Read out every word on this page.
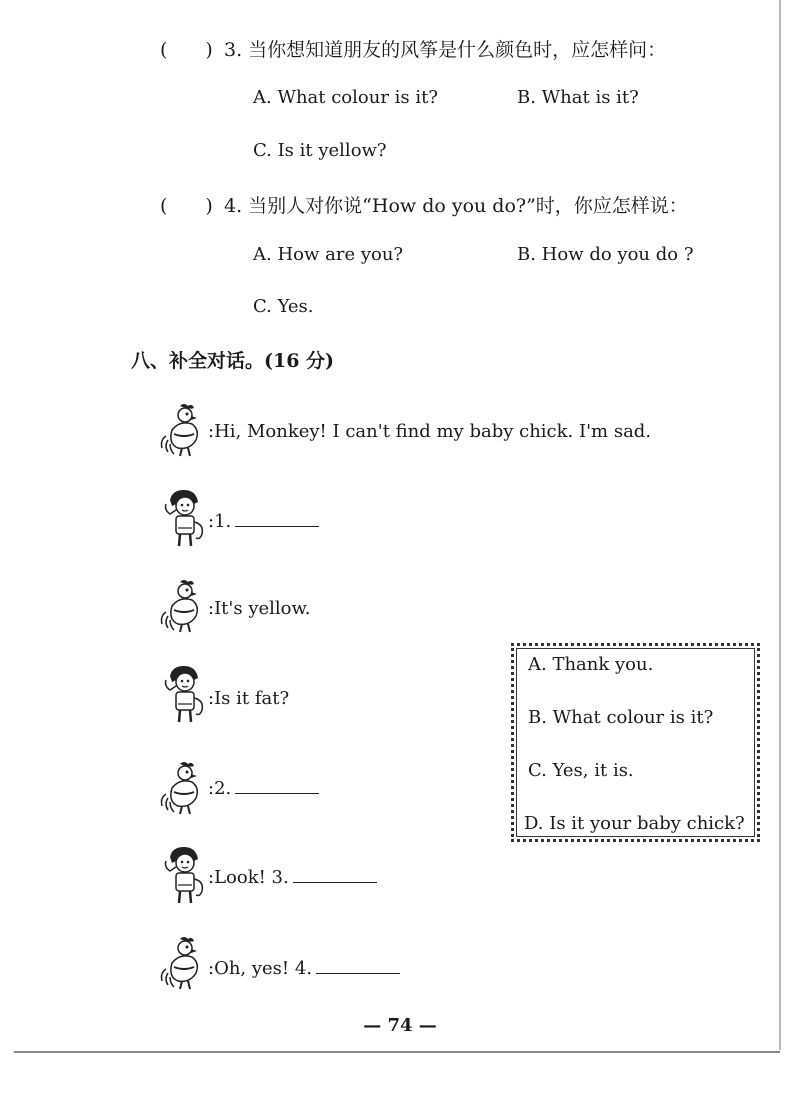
(　　) 3. 当你想知道朋友的风筝是什么颜色时，应怎样问：
A. What colour is it?	B. What is it?
C. Is it yellow?
(　　) 4. 当别人对你说“How do you do?”时，你应怎样说：
A. How are you?	B. How do you do ?
C. Yes.
八、补全对话。(16 分)
:Hi, Monkey! I can't find my baby chick. I'm sad.
:1.
:It's yellow.
:Is it fat?
:2.
:Look! 3.
:Oh, yes! 4.
A. Thank you.
B. What colour is it?
C. Yes, it is.
D. Is it your baby chick?
— 74 —
